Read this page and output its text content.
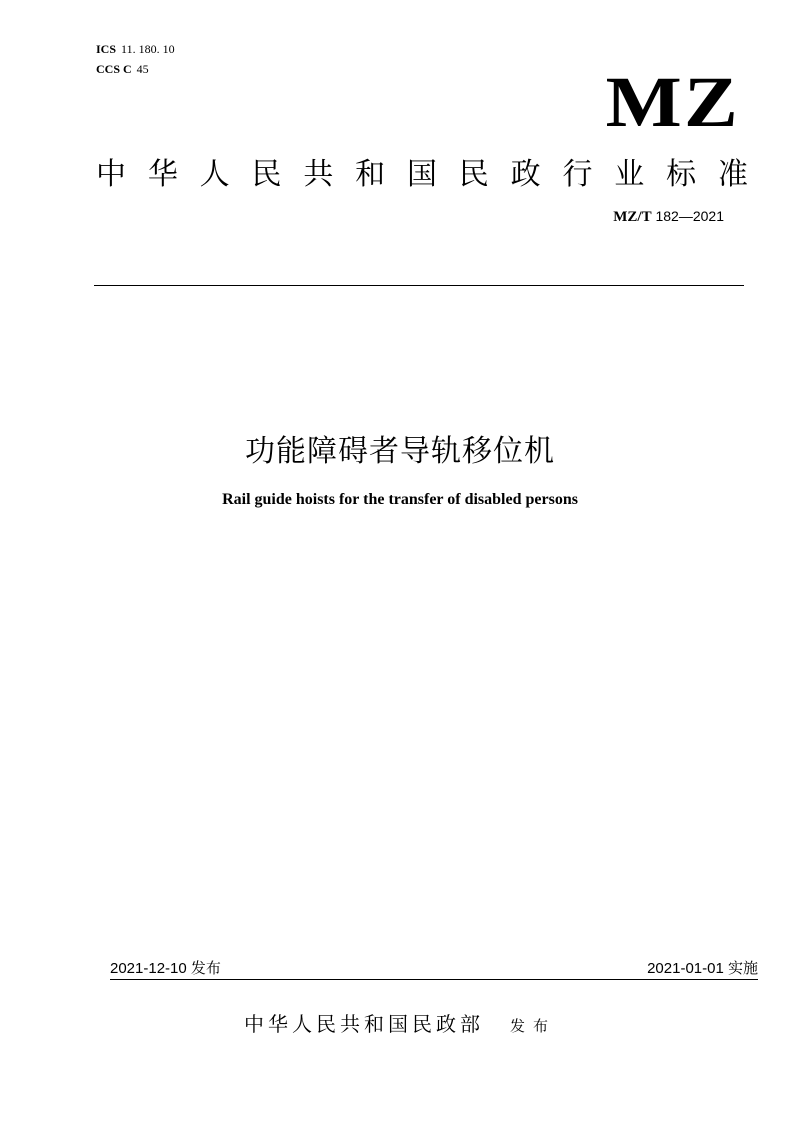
ICS 11. 180. 10
CCS C 45	MZ
中 华 人 民 共 和 国 民 政 行 业 标 准
MZ/T 182—2021
功能障碍者导轨移位机
Rail guide hoists for the transfer of disabled persons
2021-12-10 发布	2021-01-01 实施
中华人民共和国民政部 发布
